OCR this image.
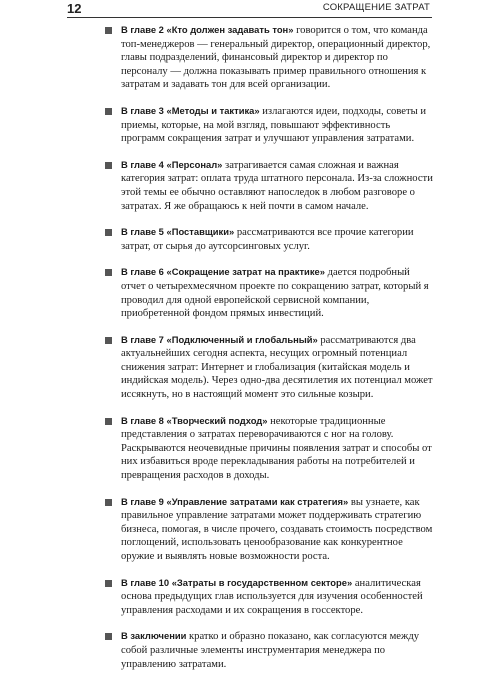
12	СОКРАЩЕНИЕ ЗАТРАТ
В главе 2 «Кто должен задавать тон» говорится о том, что команда топ-менеджеров — генеральный директор, операционный директор, главы подразделений, финансовый директор и директор по персоналу — должна показывать пример правильного отношения к затратам и задавать тон для всей организации.
В главе 3 «Методы и тактика» излагаются идеи, подходы, советы и приемы, которые, на мой взгляд, повышают эффективность программ сокращения затрат и улучшают управления затратами.
В главе 4 «Персонал» затрагивается самая сложная и важная категория затрат: оплата труда штатного персонала. Из-за сложности этой темы ее обычно оставляют напоследок в любом разговоре о затратах. Я же обращаюсь к ней почти в самом начале.
В главе 5 «Поставщики» рассматриваются все прочие категории затрат, от сырья до аутсорсинговых услуг.
В главе 6 «Сокращение затрат на практике» дается подробный отчет о четырехмесячном проекте по сокращению затрат, который я проводил для одной европейской сервисной компании, приобретенной фондом прямых инвестиций.
В главе 7 «Подключенный и глобальный» рассматриваются два актуальнейших сегодня аспекта, несущих огромный потенциал снижения затрат: Интернет и глобализация (китайская модель и индийская модель). Через одно-два десятилетия их потенциал может иссякнуть, но в настоящий момент это сильные козыри.
В главе 8 «Творческий подход» некоторые традиционные представления о затратах переворачиваются с ног на голову. Раскрываются неочевидные причины появления затрат и способы от них избавиться вроде перекладывания работы на потребителей и превращения расходов в доходы.
В главе 9 «Управление затратами как стратегия» вы узнаете, как правильное управление затратами может поддерживать стратегию бизнеса, помогая, в числе прочего, создавать стоимость посредством поглощений, использовать ценообразование как конкурентное оружие и выявлять новые возможности роста.
В главе 10 «Затраты в государственном секторе» аналитическая основа предыдущих глав используется для изучения особенностей управления расходами и их сокращения в госсекторе.
В заключении кратко и образно показано, как согласуются между собой различные элементы инструментария менеджера по управлению затратами.
